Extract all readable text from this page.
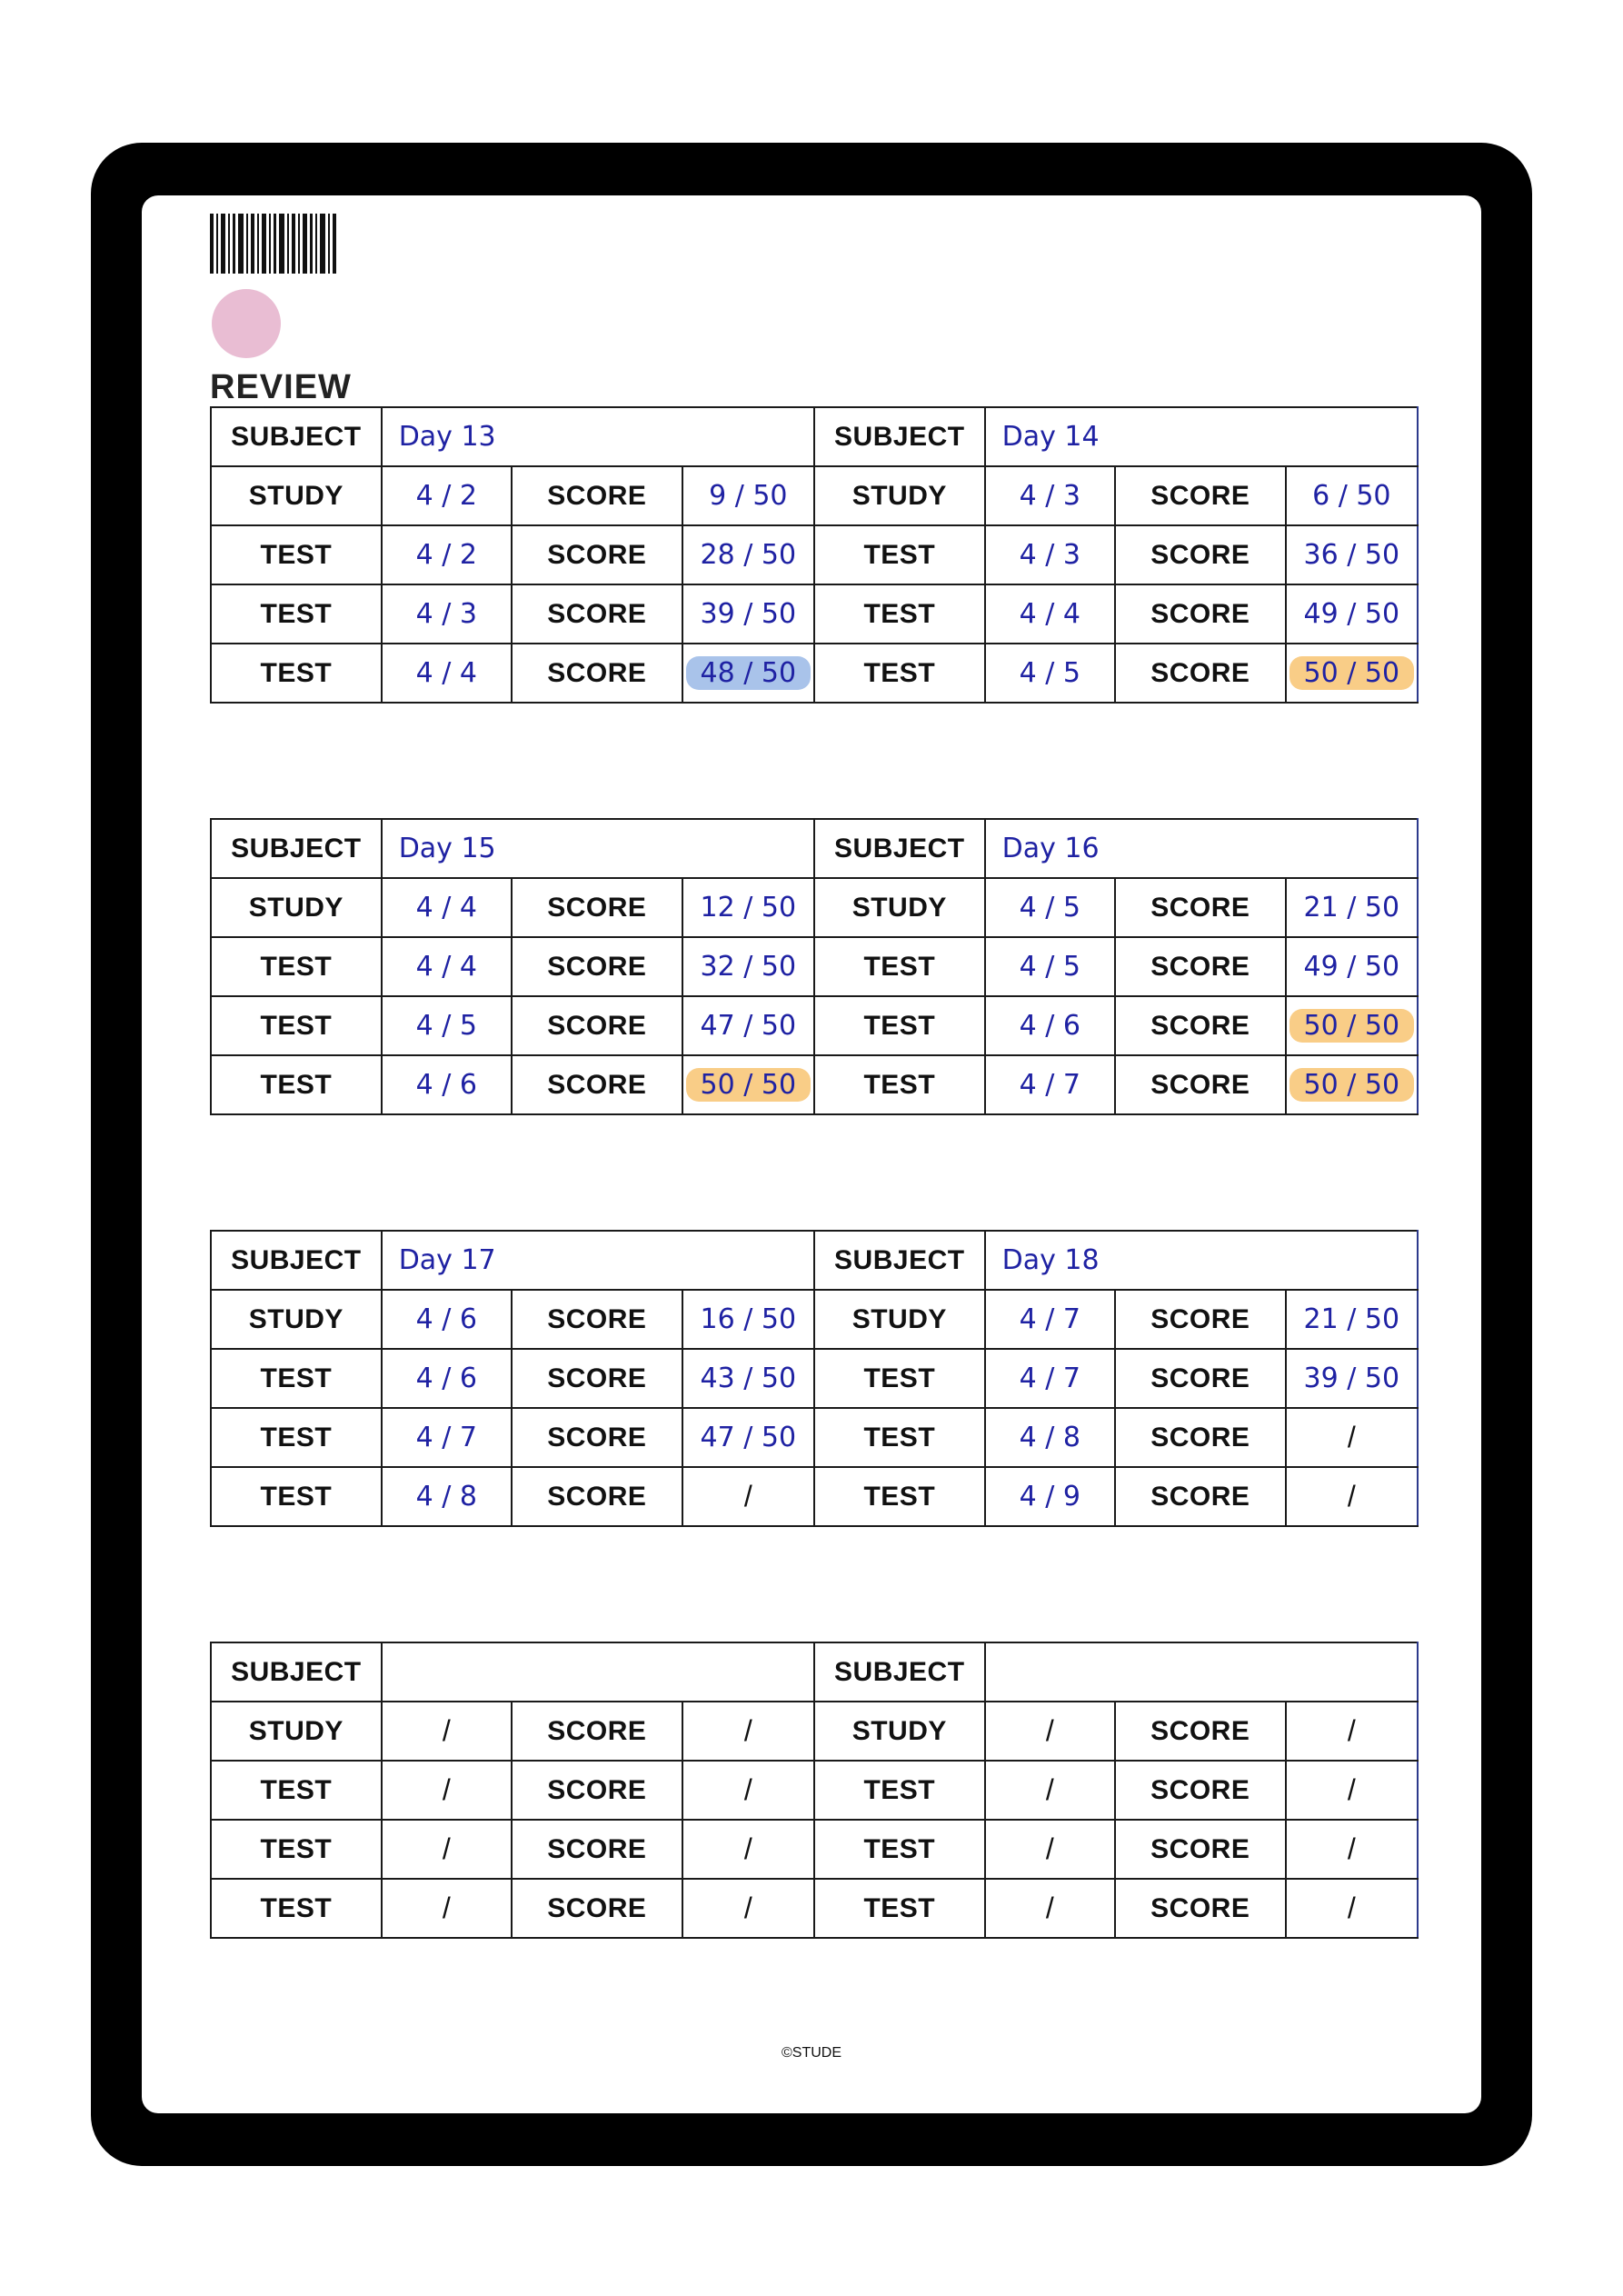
REVIEW
SUBJECT	Day 13			SUBJECT	Day 14		
STUDY	4 / 2	SCORE	9 / 50	STUDY	4 / 3	SCORE	6 / 50
TEST	4 / 2	SCORE	28 / 50	TEST	4 / 3	SCORE	36 / 50
TEST	4 / 3	SCORE	39 / 50	TEST	4 / 4	SCORE	49 / 50
TEST	4 / 4	SCORE	48 / 50	TEST	4 / 5	SCORE	50 / 50
SUBJECT	Day 15			SUBJECT	Day 16		
STUDY	4 / 4	SCORE	12 / 50	STUDY	4 / 5	SCORE	21 / 50
TEST	4 / 4	SCORE	32 / 50	TEST	4 / 5	SCORE	49 / 50
TEST	4 / 5	SCORE	47 / 50	TEST	4 / 6	SCORE	50 / 50
TEST	4 / 6	SCORE	50 / 50	TEST	4 / 7	SCORE	50 / 50
SUBJECT	Day 17			SUBJECT	Day 18		
STUDY	4 / 6	SCORE	16 / 50	STUDY	4 / 7	SCORE	21 / 50
TEST	4 / 6	SCORE	43 / 50	TEST	4 / 7	SCORE	39 / 50
TEST	4 / 7	SCORE	47 / 50	TEST	4 / 8	SCORE	/
TEST	4 / 8	SCORE	/	TEST	4 / 9	SCORE	/
SUBJECT				SUBJECT			
STUDY	/	SCORE	/	STUDY	/	SCORE	/
TEST	/	SCORE	/	TEST	/	SCORE	/
TEST	/	SCORE	/	TEST	/	SCORE	/
TEST	/	SCORE	/	TEST	/	SCORE	/
©STUDE
